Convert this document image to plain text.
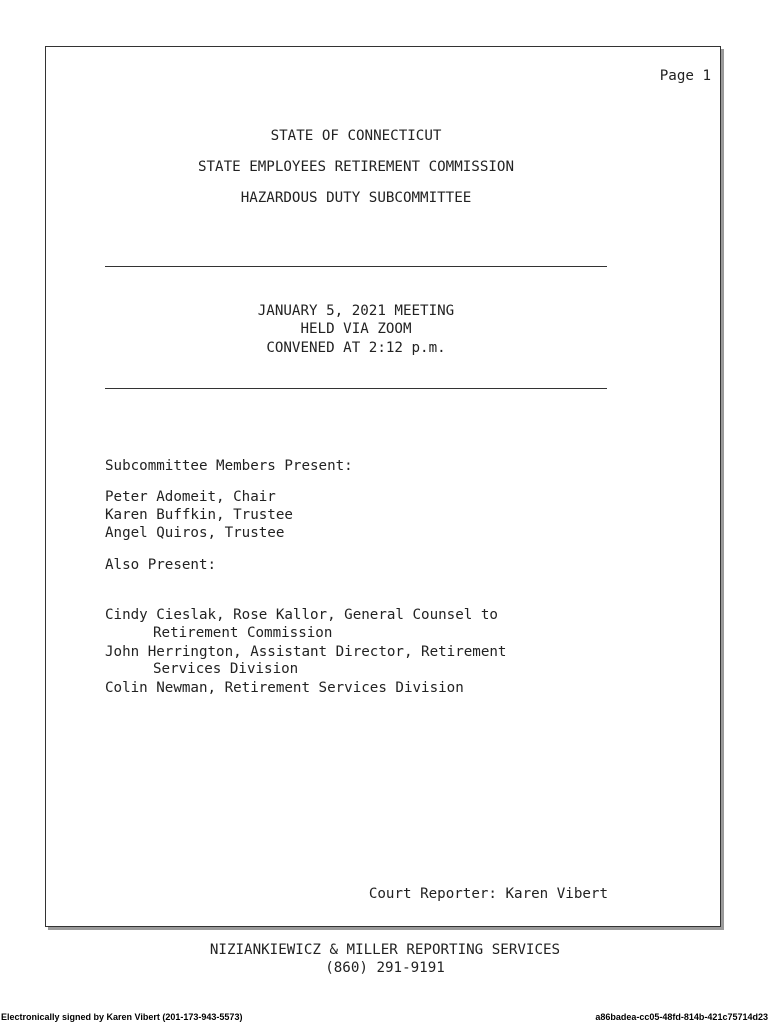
Page 1
STATE OF CONNECTICUT
STATE EMPLOYEES RETIREMENT COMMISSION
HAZARDOUS DUTY SUBCOMMITTEE
JANUARY 5, 2021 MEETING
HELD VIA ZOOM
CONVENED AT 2:12 p.m.
Subcommittee Members Present:
Peter Adomeit, Chair
Karen Buffkin, Trustee
Angel Quiros, Trustee
Also Present:
Cindy Cieslak, Rose Kallor, General Counsel to
Retirement Commission
John Herrington, Assistant Director, Retirement
Services Division
Colin Newman, Retirement Services Division
Court Reporter: Karen Vibert
NIZIANKIEWICZ & MILLER REPORTING SERVICES
(860) 291-9191
Electronically signed by Karen Vibert (201-173-943-5573)	a86badea-cc05-48fd-814b-421c75714d23
